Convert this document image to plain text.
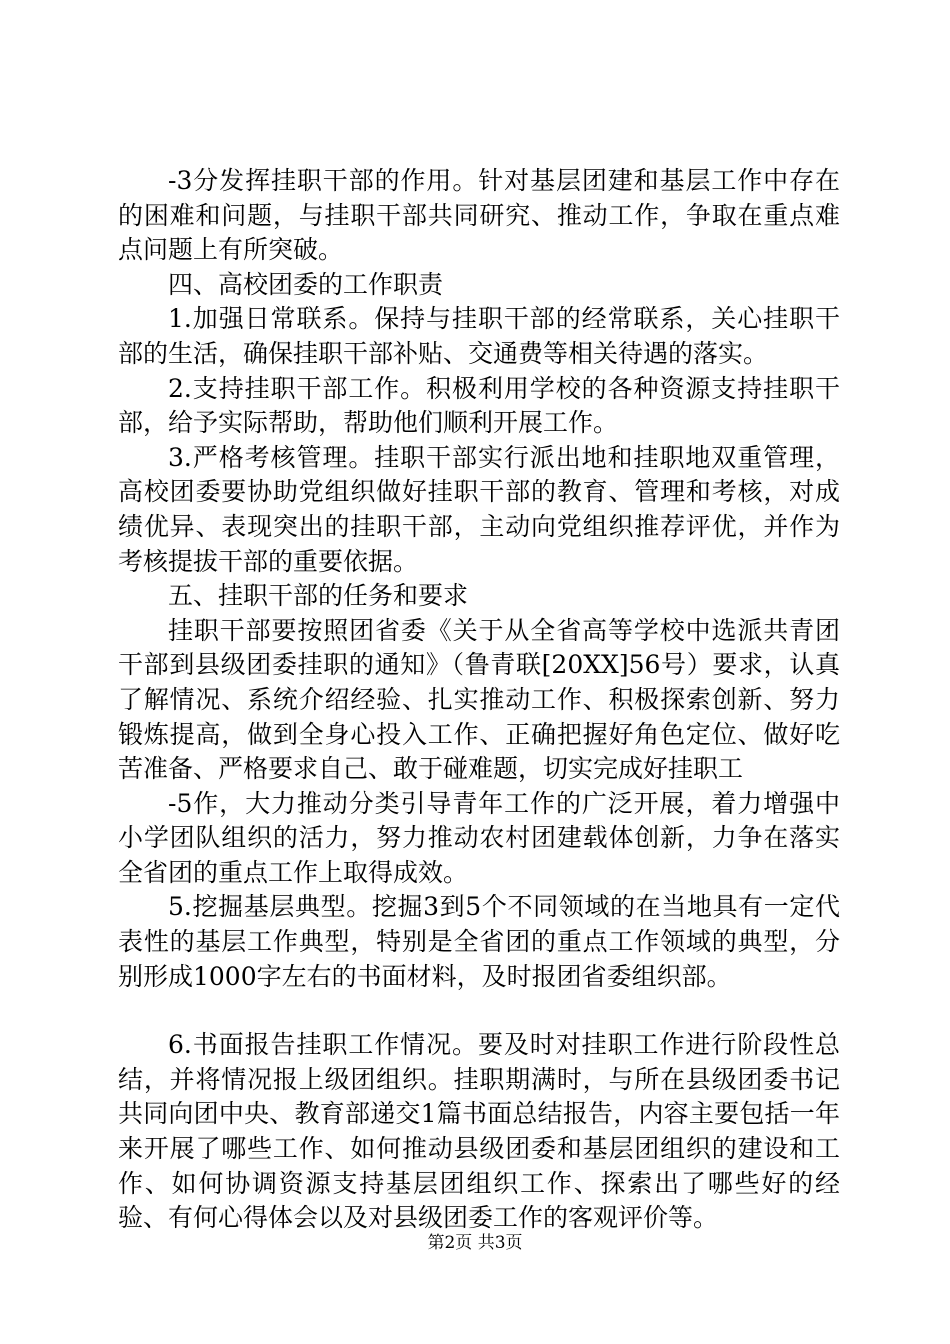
-3分发挥挂职干部的作用。针对基层团建和基层工作中存在的困难和问题，与挂职干部共同研究、推动工作，争取在重点难点问题上有所突破。

四、高校团委的工作职责

1.加强日常联系。保持与挂职干部的经常联系，关心挂职干部的生活，确保挂职干部补贴、交通费等相关待遇的落实。

2.支持挂职干部工作。积极利用学校的各种资源支持挂职干部，给予实际帮助，帮助他们顺利开展工作。

3.严格考核管理。挂职干部实行派出地和挂职地双重管理，高校团委要协助党组织做好挂职干部的教育、管理和考核，对成绩优异、表现突出的挂职干部，主动向党组织推荐评优，并作为考核提拔干部的重要依据。

五、挂职干部的任务和要求

挂职干部要按照团省委《关于从全省高等学校中选派共青团干部到县级团委挂职的通知》（鲁青联[20XX]56号）要求，认真了解情况、系统介绍经验、扎实推动工作、积极探索创新、努力锻炼提高，做到全身心投入工作、正确把握好角色定位、做好吃苦准备、严格要求自己、敢于碰难题，切实完成好挂职工

-5作，大力推动分类引导青年工作的广泛开展，着力增强中小学团队组织的活力，努力推动农村团建载体创新，力争在落实全省团的重点工作上取得成效。

5.挖掘基层典型。挖掘3到5个不同领域的在当地具有一定代表性的基层工作典型，特别是全省团的重点工作领域的典型，分别形成1000字左右的书面材料，及时报团省委组织部。

6.书面报告挂职工作情况。要及时对挂职工作进行阶段性总结，并将情况报上级团组织。挂职期满时，与所在县级团委书记共同向团中央、教育部递交1篇书面总结报告，内容主要包括一年来开展了哪些工作、如何推动县级团委和基层团组织的建设和工作、如何协调资源支持基层团组织工作、探索出了哪些好的经验、有何心得体会以及对县级团委工作的客观评价等。

第2页 共3页
